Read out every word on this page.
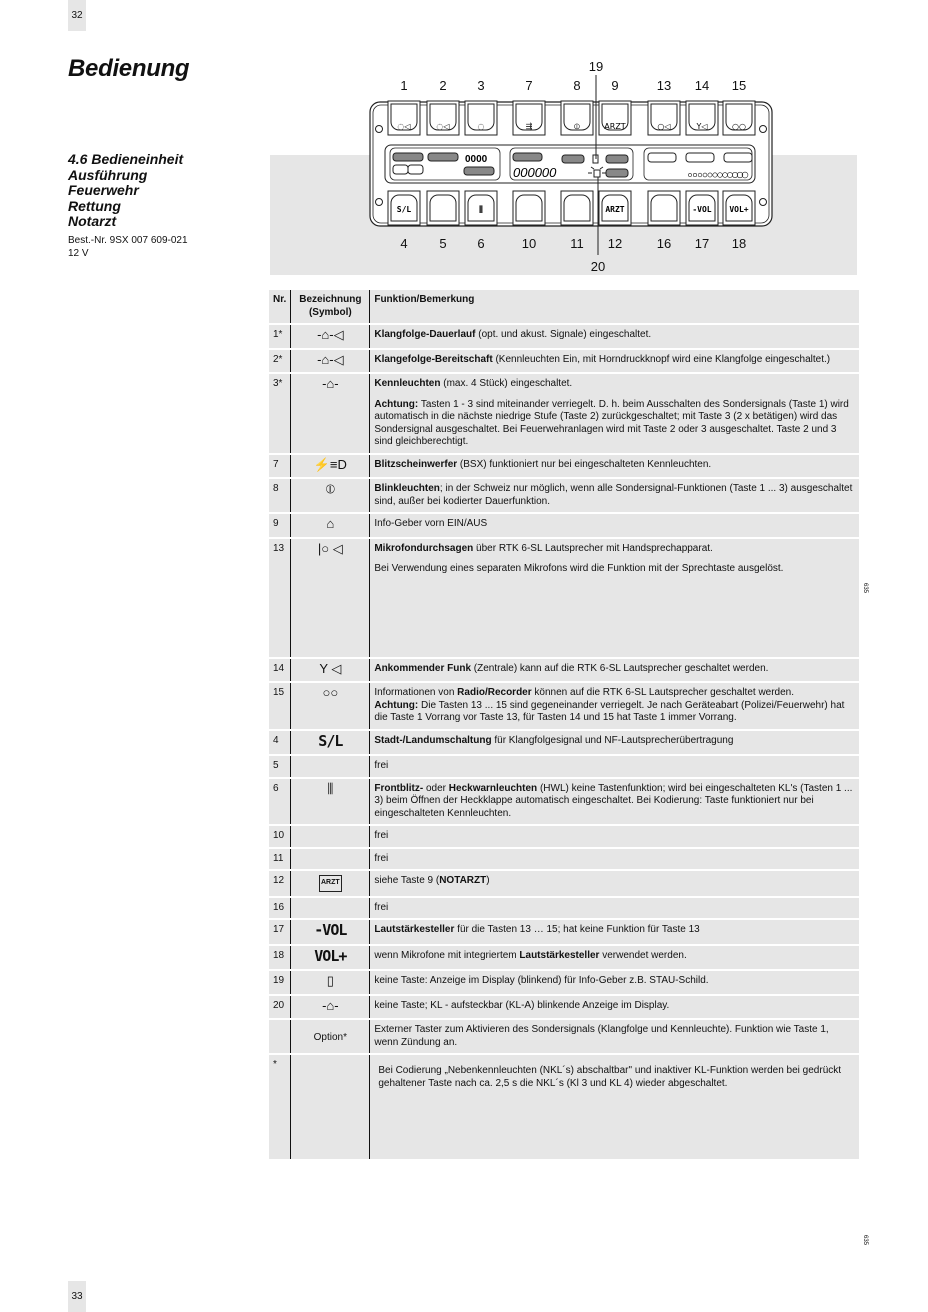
32
Bedienung
4.6 Bedieneinheit
Ausführung
Feuerwehr
Rettung
Notarzt
Best.-Nr. 9SX 007 609-021
12 V
1 2 3	7	8 9	13 14 15
4 5 6	10	11 12	16 17 18
19
20
0000
000000
◌◁	◌◁	◌	⇶	⦶	ARZT	○◁	Y◁	○○
S/L	⫼	ARZT	-VOL VOL+
Nr.	Bezeichnung (Symbol)	Funktion/Bemerkung
1*	-⌂-◁	Klangfolge-Dauerlauf (opt. und akust. Signale) eingeschaltet.
2*	-⌂-◁	Klangefolge-Bereitschaft (Kennleuchten Ein, mit Horndruckknopf wird eine Klangfolge eingeschaltet.)
3*	-⌂-	Kennleuchten (max. 4 Stück) eingeschaltet.

Achtung: Tasten 1 - 3 sind miteinander verriegelt. D. h. beim Ausschalten des Sondersignals (Taste 1) wird automatisch in die nächste niedrige Stufe (Taste 2) zurückgeschaltet; mit Taste 3 (2 x betätigen) wird das Sondersignal ausgeschaltet. Bei Feuerwehranlagen wird mit Taste 2 oder 3 ausgeschaltet. Taste 2 und 3 sind gleichberechtigt.

7	⚡≡D	Blitzscheinwerfer (BSX) funktioniert nur bei eingeschalteten Kennleuchten.
8	⦶	Blinkleuchten; in der Schweiz nur möglich, wenn alle Sondersignal-Funktionen (Taste 1 ... 3) ausgeschaltet sind, außer bei kodierter Dauerfunktion.
9	⌂	Info-Geber vorn EIN/AUS
13	|○ ◁	Mikrofondurchsagen über RTK 6-SL Lautsprecher mit Handsprechapparat.

Bei Verwendung eines separaten Mikrofons wird die Funktion mit der Sprechtaste ausgelöst.

14	Y ◁	Ankommender Funk (Zentrale) kann auf die RTK 6-SL Lautsprecher geschaltet werden.
15	○○	Informationen von Radio/Recorder können auf die RTK 6-SL Lautsprecher geschaltet werden.

Achtung: Die Tasten 13 ... 15 sind gegeneinander verriegelt. Je nach Geräteabart (Polizei/Feuerwehr) hat die Taste 1 Vorrang vor Taste 13, für Tasten 14 und 15 hat Taste 1 immer Vorrang.

4	S/L	Stadt-/Landumschaltung für Klangfolgesignal und NF-Lautsprecherübertragung
5		frei
6	⫼	Frontblitz- oder Heckwarnleuchten (HWL) keine Tastenfunktion; wird bei eingeschalteten KL's (Tasten 1 ... 3) beim Öffnen der Heckklappe automatisch eingeschaltet. Bei Kodierung: Taste funktioniert nur bei eingeschalteten Kennleuchten.
10		frei
11		frei
12	ARZT	siehe Taste 9 (NOTARZT)
16		frei
17	-VOL	Lautstärkesteller für die Tasten 13 … 15; hat keine Funktion für Taste 13
18	VOL+	wenn Mikrofone mit integriertem Lautstärkesteller verwendet werden.
19	▯	keine Taste: Anzeige im Display (blinkend) für Info-Geber z.B. STAU-Schild.
20	-⌂-	keine Taste; KL - aufsteckbar (KL-A) blinkende Anzeige im Display.
	Option*	Externer Taster zum Aktivieren des Sondersignals (Klangfolge und Kennleuchte). Funktion wie Taste 1, wenn Zündung an.
*		Bei Codierung „Nebenkennleuchten (NKL´s) abschaltbar" und inaktiver KL-Funktion werden bei gedrückt gehaltener Taste nach ca. 2,5 s die NKL´s (Kl 3 und KL 4) wieder abgeschaltet.
635
635
33
